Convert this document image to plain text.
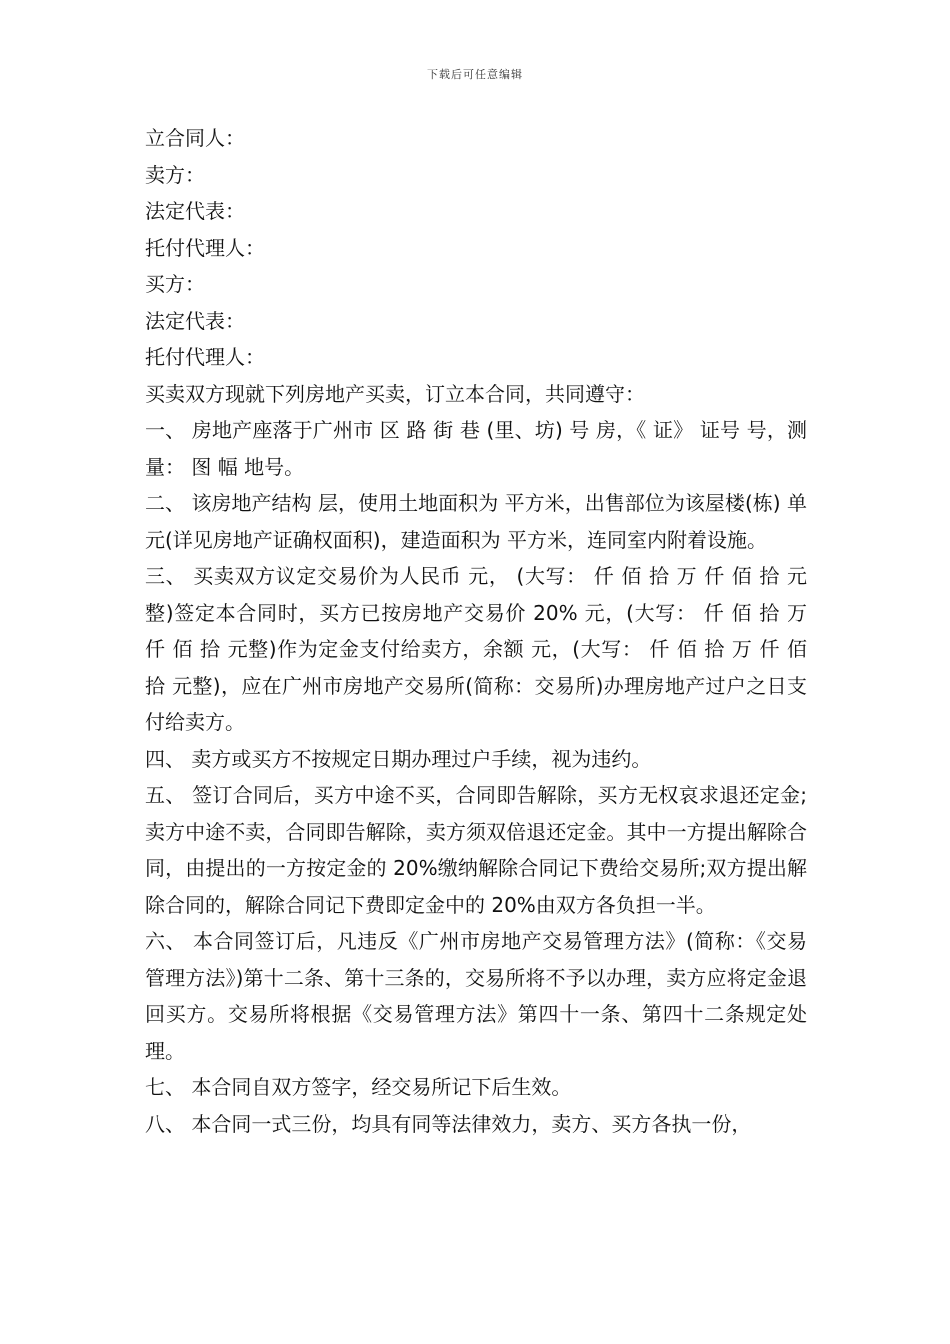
下载后可任意编辑

立合同人：

卖方：

法定代表：

托付代理人：

买方：

法定代表：

托付代理人：

买卖双方现就下列房地产买卖，订立本合同，共同遵守：

一、 房地产座落于广州市 区 路 街 巷 (里、坊) 号 房，《 证》 证号 号，测量： 图 幅 地号。

二、 该房地产结构 层，使用土地面积为 平方米，出售部位为该屋楼(栋) 单元(详见房地产证确权面积)，建造面积为 平方米，连同室内附着设施。

三、 买卖双方议定交易价为人民币 元， (大写： 仟 佰 拾 万 仟 佰 拾 元整)签定本合同时，买方已按房地产交易价 20% 元，(大写： 仟 佰 拾 万 仟 佰 拾 元整)作为定金支付给卖方，余额 元，(大写： 仟 佰 拾 万 仟 佰 拾 元整)，应在广州市房地产交易所(简称：交易所)办理房地产过户之日支付给卖方。

四、 卖方或买方不按规定日期办理过户手续，视为违约。

五、 签订合同后，买方中途不买，合同即告解除，买方无权哀求退还定金;卖方中途不卖，合同即告解除，卖方须双倍退还定金。其中一方提出解除合同，由提出的一方按定金的 20%缴纳解除合同记下费给交易所;双方提出解除合同的，解除合同记下费即定金中的 20%由双方各负担一半。

六、 本合同签订后，凡违反《广州市房地产交易管理方法》(简称：《交易管理方法》)第十二条、第十三条的，交易所将不予以办理，卖方应将定金退回买方。交易所将根据《交易管理方法》第四十一条、第四十二条规定处理。

七、 本合同自双方签字，经交易所记下后生效。

八、 本合同一式三份，均具有同等法律效力，卖方、买方各执一份，
